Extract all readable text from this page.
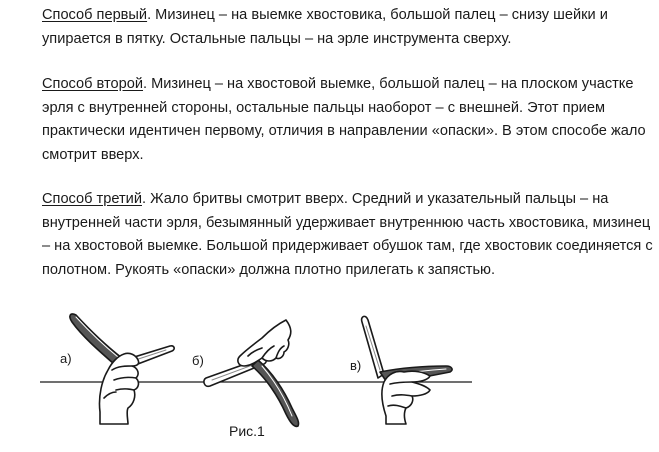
Способ первый. Мизинец – на выемке хвостовика, большой палец – снизу шейки и упирается в пятку. Остальные пальцы – на эрле инструмента сверху.

Способ второй. Мизинец – на хвостовой выемке, большой палец – на плоском участке эрля с внутренней стороны, остальные пальцы наоборот – с внешней. Этот прием практически идентичен первому, отличия в направлении «опаски». В этом способе жало смотрит вверх.

Способ третий. Жало бритвы смотрит вверх. Средний и указательный пальцы – на внутренней части эрля, безымянный удерживает внутреннюю часть хвостовика, мизинец – на хвостовой выемке. Большой придерживает обушок там, где хвостовик соединяется с полотном. Рукоять «опаски» должна плотно прилегать к запястью.

а)	б)	в)
Рис.1
